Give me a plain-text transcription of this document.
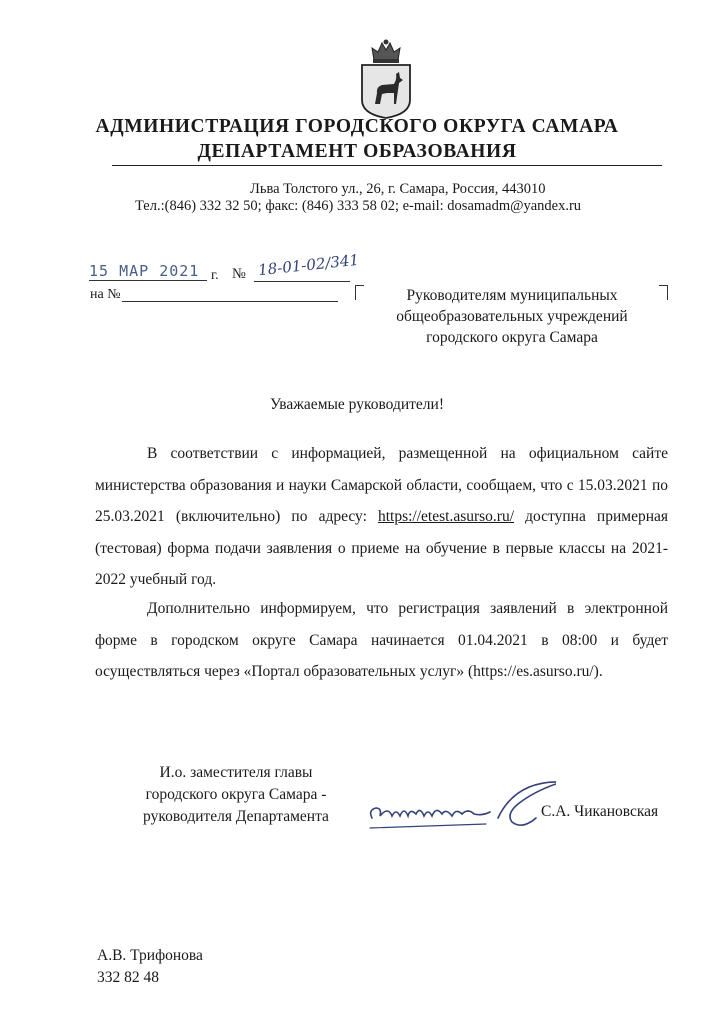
АДМИНИСТРАЦИЯ ГОРОДСКОГО ОКРУГА САМАРА
ДЕПАРТАМЕНТ ОБРАЗОВАНИЯ
Льва Толстого ул., 26, г. Самара, Россия, 443010
Тел.:(846) 332 32 50; факс: (846) 333 58 02; e-mail: dosamadm@yandex.ru
15 МАР 2021 г. № 18-01-02/341
на №	Руководителям муниципальных
общеобразовательных учреждений
городского округа Самара
Уважаемые руководители!

В соответствии с информацией, размещенной на официальном сайте министерства образования и науки Самарской области, сообщаем, что с 15.03.2021 по 25.03.2021 (включительно) по адресу: https://etest.asurso.ru/ доступна примерная (тестовая) форма подачи заявления о приеме на обучение в первые классы на 2021-2022 учебный год.

Дополнительно информируем, что регистрация заявлений в электронной форме в городском округе Самара начинается 01.04.2021 в 08:00 и будет осуществляться через «Портал образовательных услуг» (https://es.asurso.ru/).

И.о. заместителя главы
городского округа Самара -
руководителя Департамента	С.А. Чикановская
А.В. Трифонова
332 82 48
